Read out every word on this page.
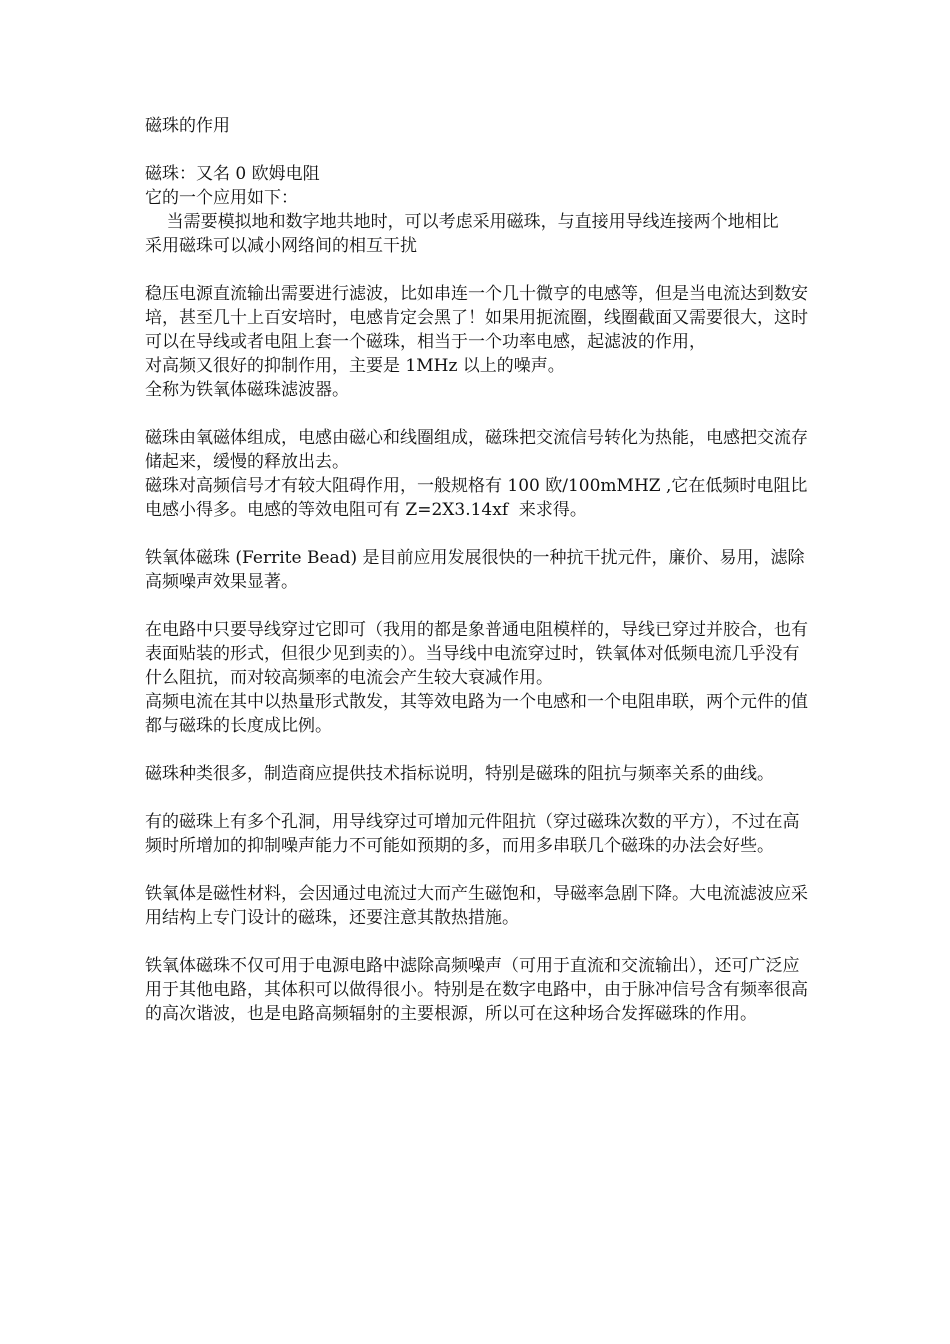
磁珠的作用

磁珠：又名 0 欧姆电阻

它的一个应用如下：

当需要模拟地和数字地共地时，可以考虑采用磁珠，与直接用导线连接两个地相比

采用磁珠可以减小网络间的相互干扰

稳压电源直流输出需要进行滤波，比如串连一个几十微亨的电感等，但是当电流达到数安培，甚至几十上百安培时，电感肯定会黑了！如果用扼流圈，线圈截面又需要很大，这时可以在导线或者电阻上套一个磁珠，相当于一个功率电感，起滤波的作用，

对高频又很好的抑制作用，主要是 1MHz 以上的噪声。

全称为铁氧体磁珠滤波器。

磁珠由氧磁体组成，电感由磁心和线圈组成，磁珠把交流信号转化为热能，电感把交流存储起来，缓慢的释放出去。

磁珠对高频信号才有较大阻碍作用，一般规格有 100 欧/100mMHZ ,它在低频时电阻比电感小得多。电感的等效电阻可有 Z=2X3.14xf  来求得。

铁氧体磁珠 (Ferrite Bead) 是目前应用发展很快的一种抗干扰元件，廉价、易用，滤除高频噪声效果显著。

在电路中只要导线穿过它即可（我用的都是象普通电阻模样的，导线已穿过并胶合，也有表面贴装的形式，但很少见到卖的）。当导线中电流穿过时，铁氧体对低频电流几乎没有什么阻抗，而对较高频率的电流会产生较大衰减作用。

高频电流在其中以热量形式散发，其等效电路为一个电感和一个电阻串联，两个元件的值都与磁珠的长度成比例。

磁珠种类很多，制造商应提供技术指标说明，特别是磁珠的阻抗与频率关系的曲线。

有的磁珠上有多个孔洞，用导线穿过可增加元件阻抗（穿过磁珠次数的平方），不过在高频时所增加的抑制噪声能力不可能如预期的多，而用多串联几个磁珠的办法会好些。

铁氧体是磁性材料，会因通过电流过大而产生磁饱和，导磁率急剧下降。大电流滤波应采用结构上专门设计的磁珠，还要注意其散热措施。

铁氧体磁珠不仅可用于电源电路中滤除高频噪声（可用于直流和交流输出），还可广泛应用于其他电路，其体积可以做得很小。特别是在数字电路中，由于脉冲信号含有频率很高的高次谐波，也是电路高频辐射的主要根源，所以可在这种场合发挥磁珠的作用。
